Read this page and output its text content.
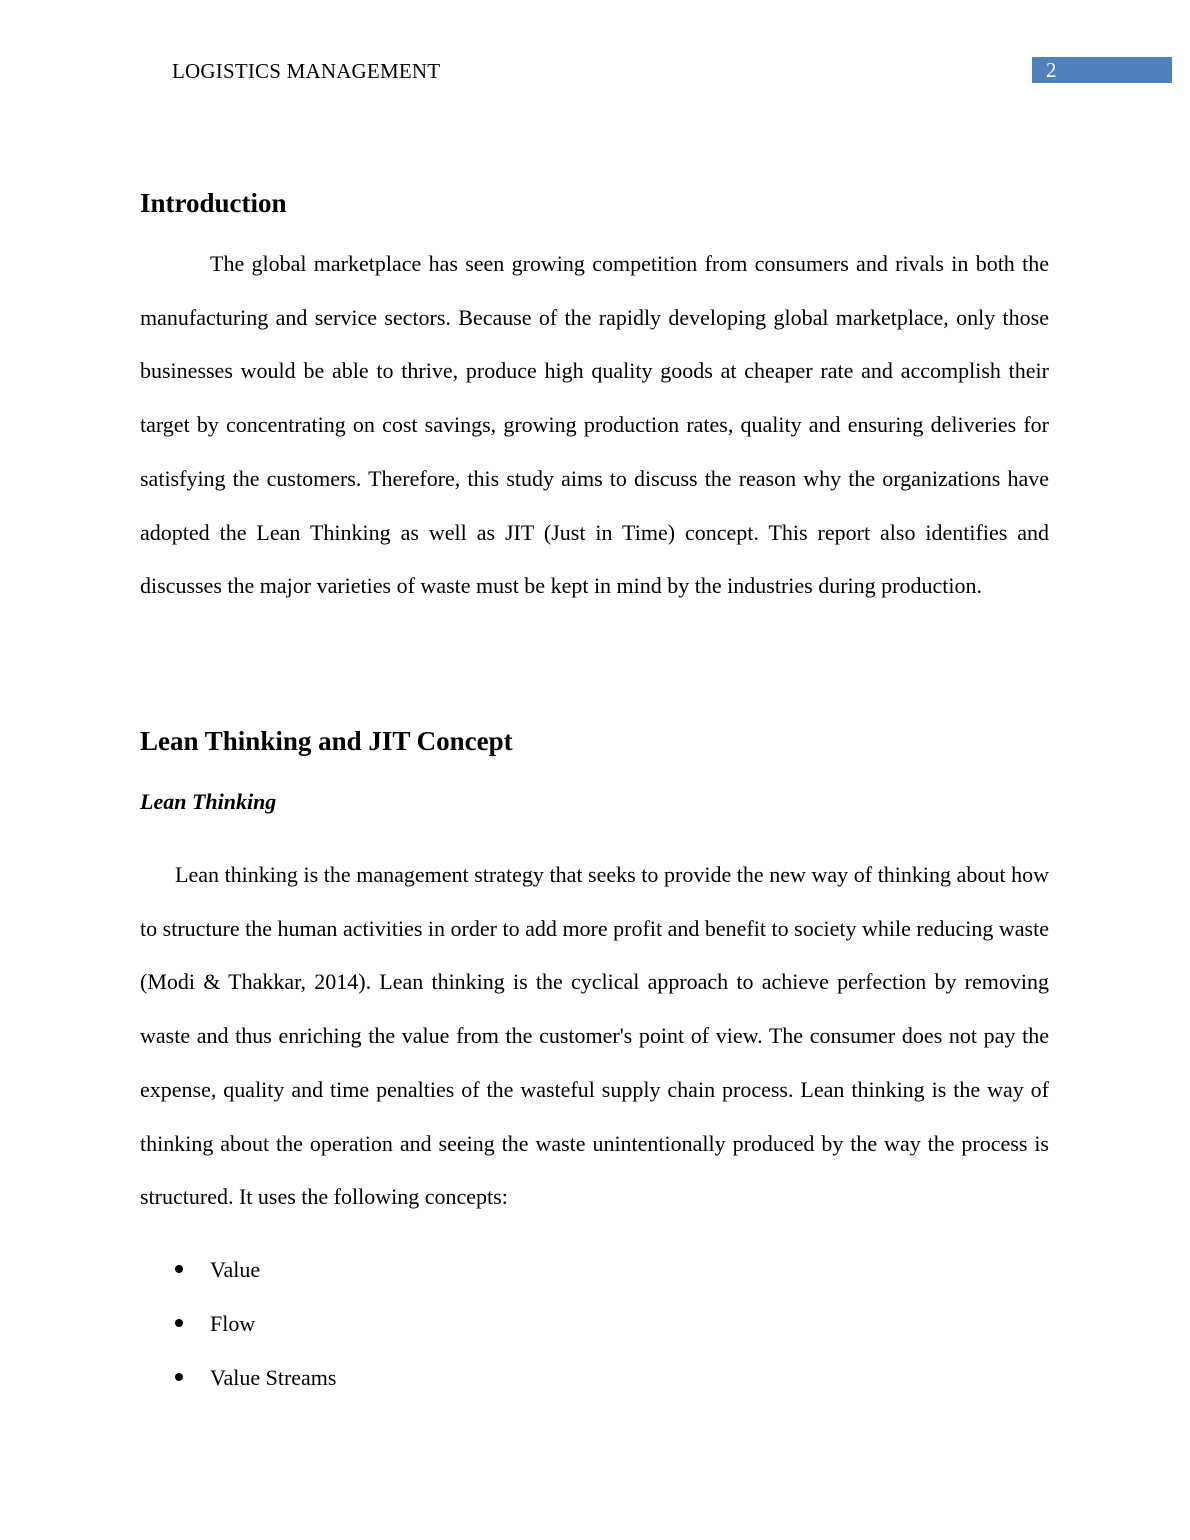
LOGISTICS MANAGEMENT	2
Introduction

The global marketplace has seen growing competition from consumers and rivals in both the manufacturing and service sectors. Because of the rapidly developing global marketplace, only those businesses would be able to thrive, produce high quality goods at cheaper rate and accomplish their target by concentrating on cost savings, growing production rates, quality and ensuring deliveries for satisfying the customers. Therefore, this study aims to discuss the reason why the organizations have adopted the Lean Thinking as well as JIT (Just in Time) concept. This report also identifies and discusses the major varieties of waste must be kept in mind by the industries during production.

Lean Thinking and JIT Concept
Lean Thinking

Lean thinking is the management strategy that seeks to provide the new way of thinking about how to structure the human activities in order to add more profit and benefit to society while reducing waste (Modi & Thakkar, 2014). Lean thinking is the cyclical approach to achieve perfection by removing waste and thus enriching the value from the customer's point of view. The consumer does not pay the expense, quality and time penalties of the wasteful supply chain process. Lean thinking is the way of thinking about the operation and seeing the waste unintentionally produced by the way the process is structured. It uses the following concepts:

Value
Flow
Value Streams
